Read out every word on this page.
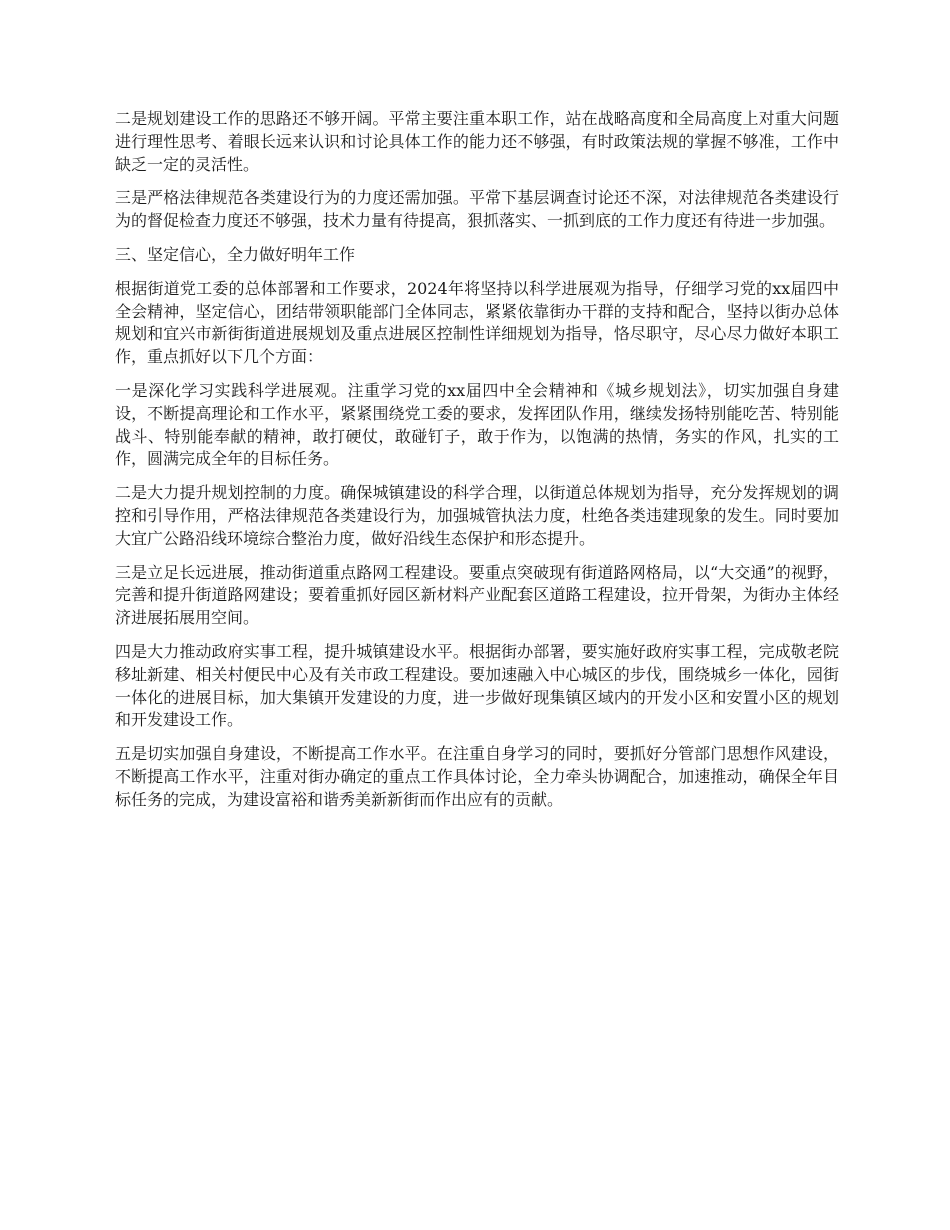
二是规划建设工作的思路还不够开阔。平常主要注重本职工作，站在战略高度和全局高度上对重大问题进行理性思考、着眼长远来认识和讨论具体工作的能力还不够强，有时政策法规的掌握不够准，工作中缺乏一定的灵活性。

三是严格法律规范各类建设行为的力度还需加强。平常下基层调查讨论还不深，对法律规范各类建设行为的督促检查力度还不够强，技术力量有待提高，狠抓落实、一抓到底的工作力度还有待进一步加强。

三、坚定信心，全力做好明年工作

根据街道党工委的总体部署和工作要求，2024年将坚持以科学进展观为指导，仔细学习党的xx届四中全会精神，坚定信心，团结带领职能部门全体同志，紧紧依靠街办干群的支持和配合，坚持以街办总体规划和宜兴市新街街道进展规划及重点进展区控制性详细规划为指导，恪尽职守，尽心尽力做好本职工作，重点抓好以下几个方面：

一是深化学习实践科学进展观。注重学习党的xx届四中全会精神和《城乡规划法》，切实加强自身建设，不断提高理论和工作水平，紧紧围绕党工委的要求，发挥团队作用，继续发扬特别能吃苦、特别能战斗、特别能奉献的精神，敢打硬仗，敢碰钉子，敢于作为，以饱满的热情，务实的作风，扎实的工作，圆满完成全年的目标任务。

二是大力提升规划控制的力度。确保城镇建设的科学合理，以街道总体规划为指导，充分发挥规划的调控和引导作用，严格法律规范各类建设行为，加强城管执法力度，杜绝各类违建现象的发生。同时要加大宜广公路沿线环境综合整治力度，做好沿线生态保护和形态提升。

三是立足长远进展，推动街道重点路网工程建设。要重点突破现有街道路网格局，以“大交通”的视野，完善和提升街道路网建设；要着重抓好园区新材料产业配套区道路工程建设，拉开骨架，为街办主体经济进展拓展用空间。

四是大力推动政府实事工程，提升城镇建设水平。根据街办部署，要实施好政府实事工程，完成敬老院移址新建、相关村便民中心及有关市政工程建设。要加速融入中心城区的步伐，围绕城乡一体化，园街一体化的进展目标，加大集镇开发建设的力度，进一步做好现集镇区域内的开发小区和安置小区的规划和开发建设工作。

五是切实加强自身建设，不断提高工作水平。在注重自身学习的同时，要抓好分管部门思想作风建设，不断提高工作水平，注重对街办确定的重点工作具体讨论，全力牵头协调配合，加速推动，确保全年目标任务的完成，为建设富裕和谐秀美新新街而作出应有的贡献。
